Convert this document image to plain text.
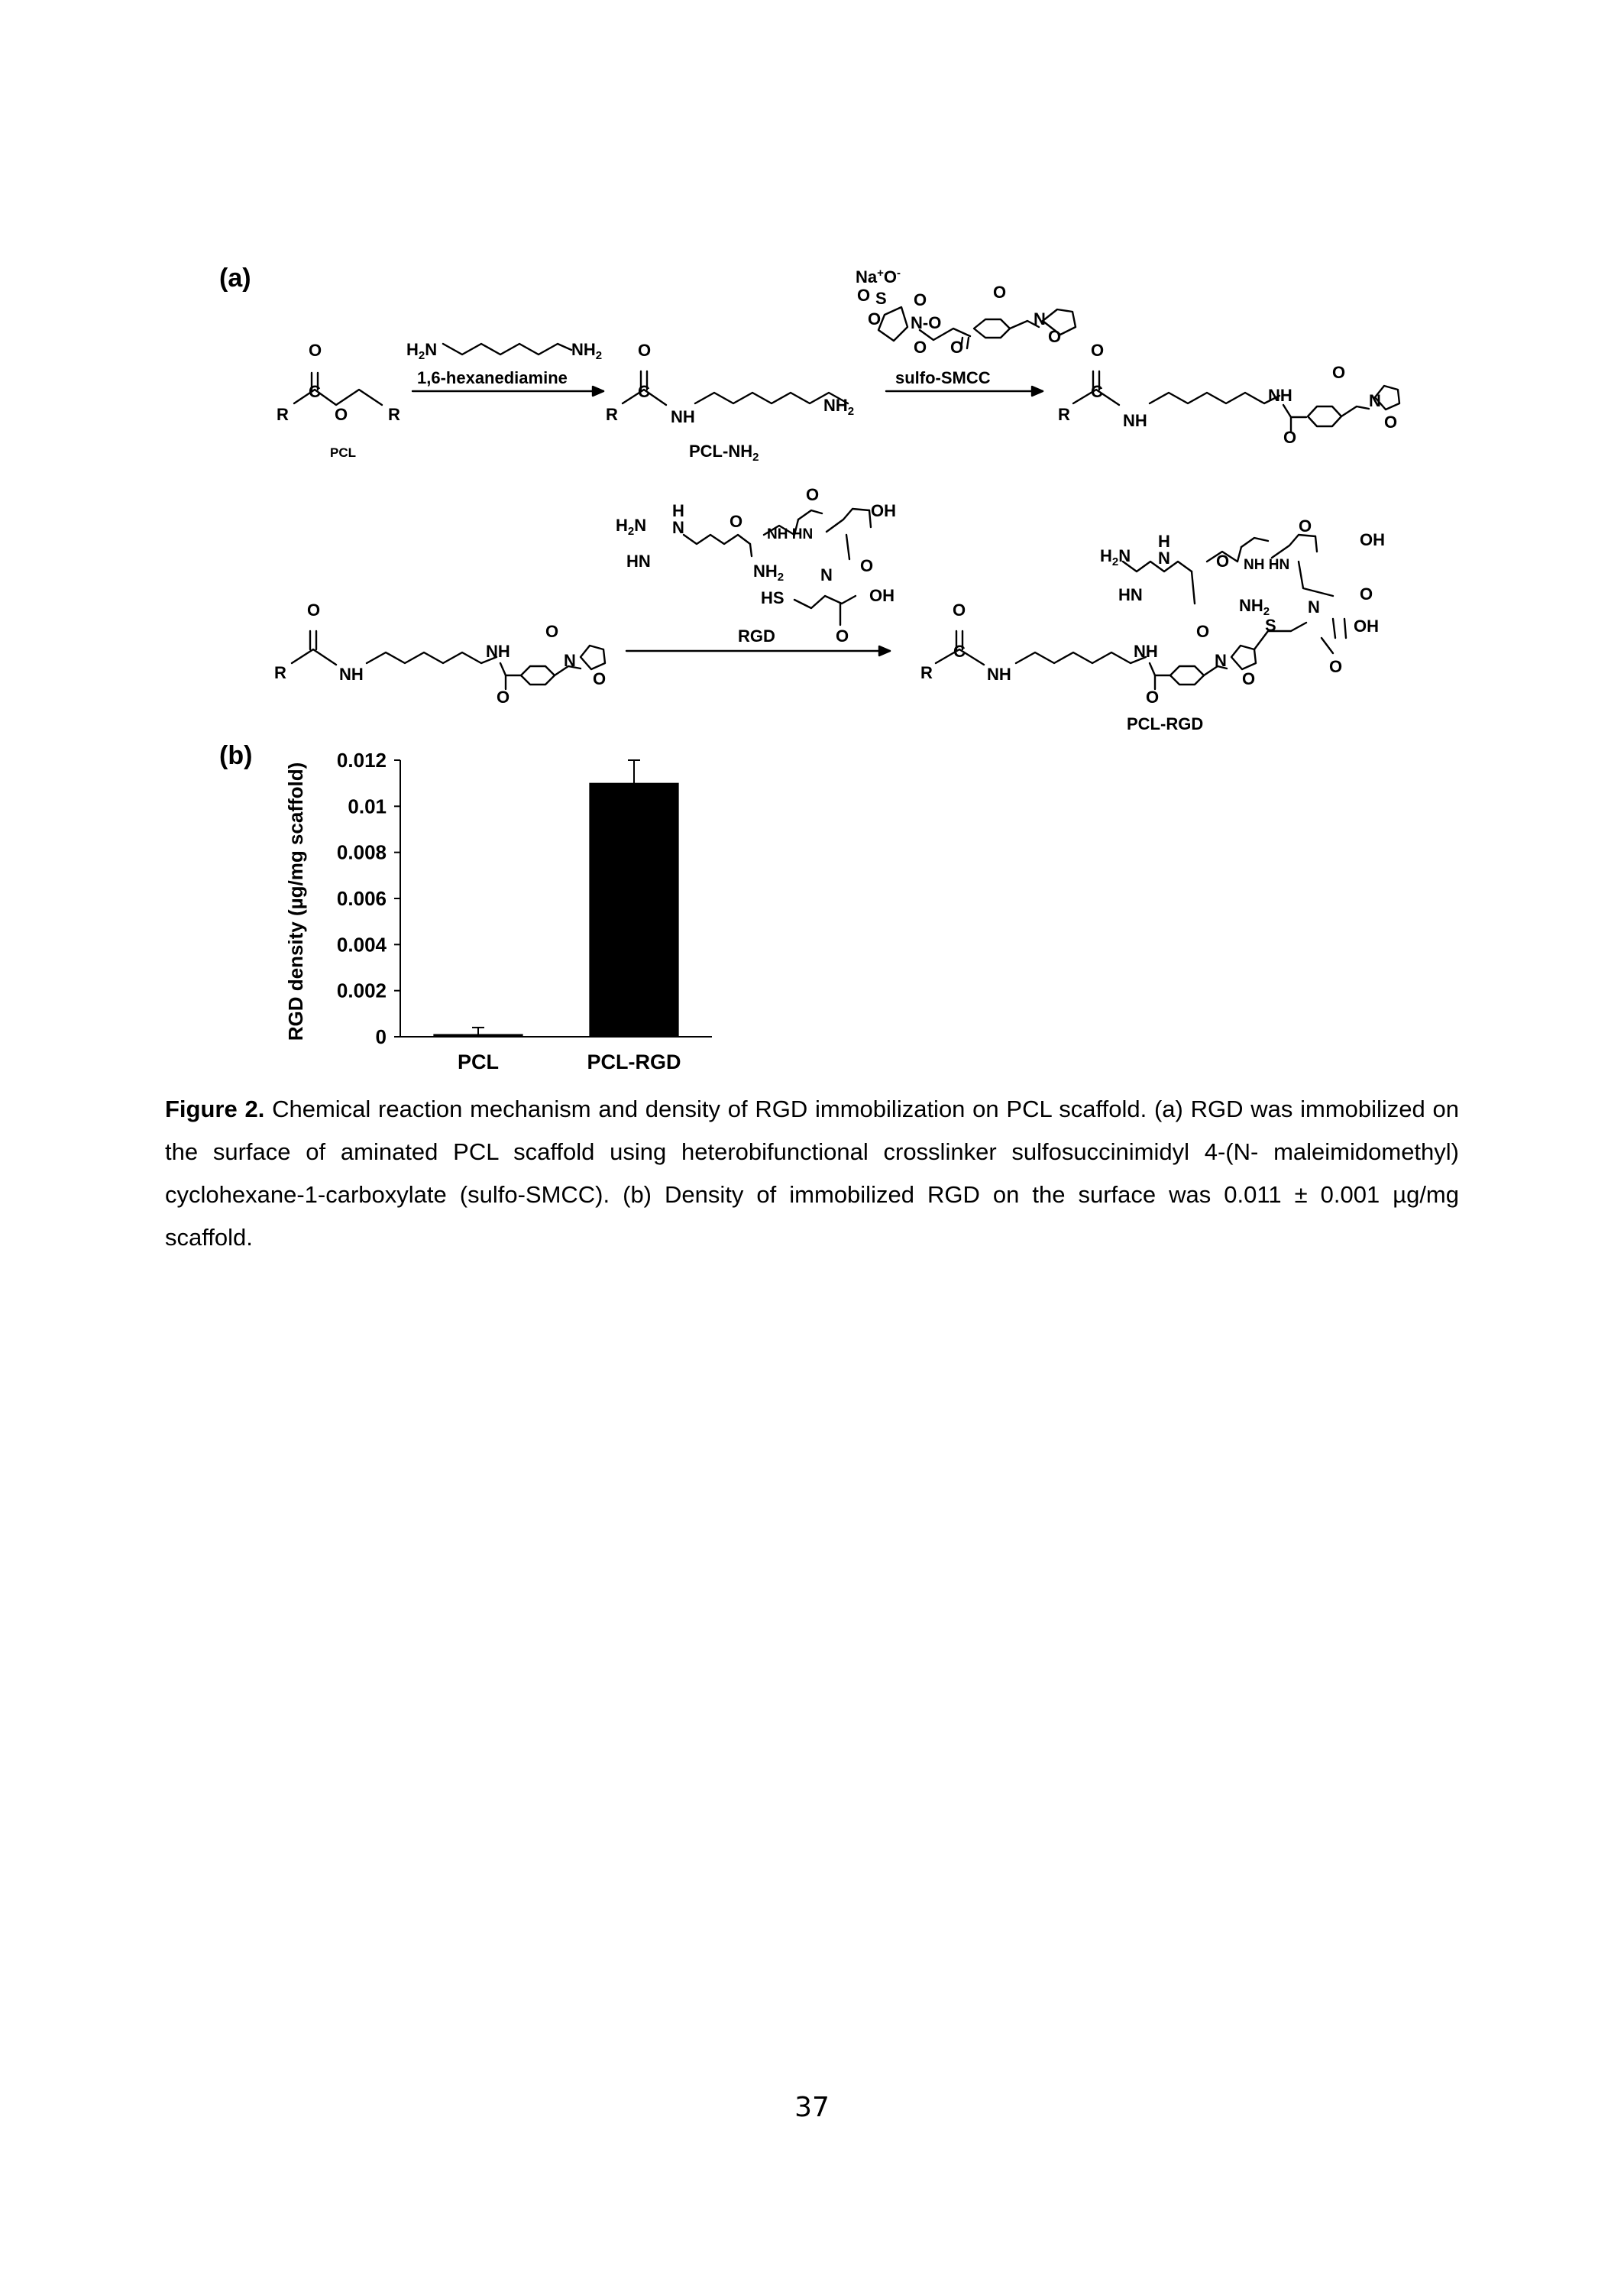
(a)
O
C
R	O R
PCL
$H_2N$	$NH_2$
1,6-hexanediamine
O
C
R	NH
$NH_2$
PCL-$NH_2$
Na+O-
O S
O
O
N-O
O O
O
N
O
sulfo-SMCC
O
C
R	NH
NH
O
O
N
O
$H_2N$
H
N
HN
O
O
NH HN
OH
O
$NH_2$ N
OH
HS
O
RGD
O
R	NH
NH
O
O
N
O
O
C
R	NH
NH
O
O
N
O
S
$H_2N$
H
N
HN
O
O
NH HN
OH
O
$NH_2$ N
OH
O
PCL-RGD
(b)
RGD density (µg/mg scaffold)	0
0.002
0.004
0.006
0.008
0.01
0.012
PCL	PCL-RGD
Figure 2. Chemical reaction mechanism and density of RGD immobilization on PCL scaffold. (a) RGD was immobilized on the surface of aminated PCL scaffold using heterobifunctional crosslinker sulfosuccinimidyl 4-(N- maleimidomethyl) cyclohexane-1-carboxylate (sulfo-SMCC). (b) Density of immobilized RGD on the surface was 0.011 ± 0.001 µg/mg scaffold.
37
